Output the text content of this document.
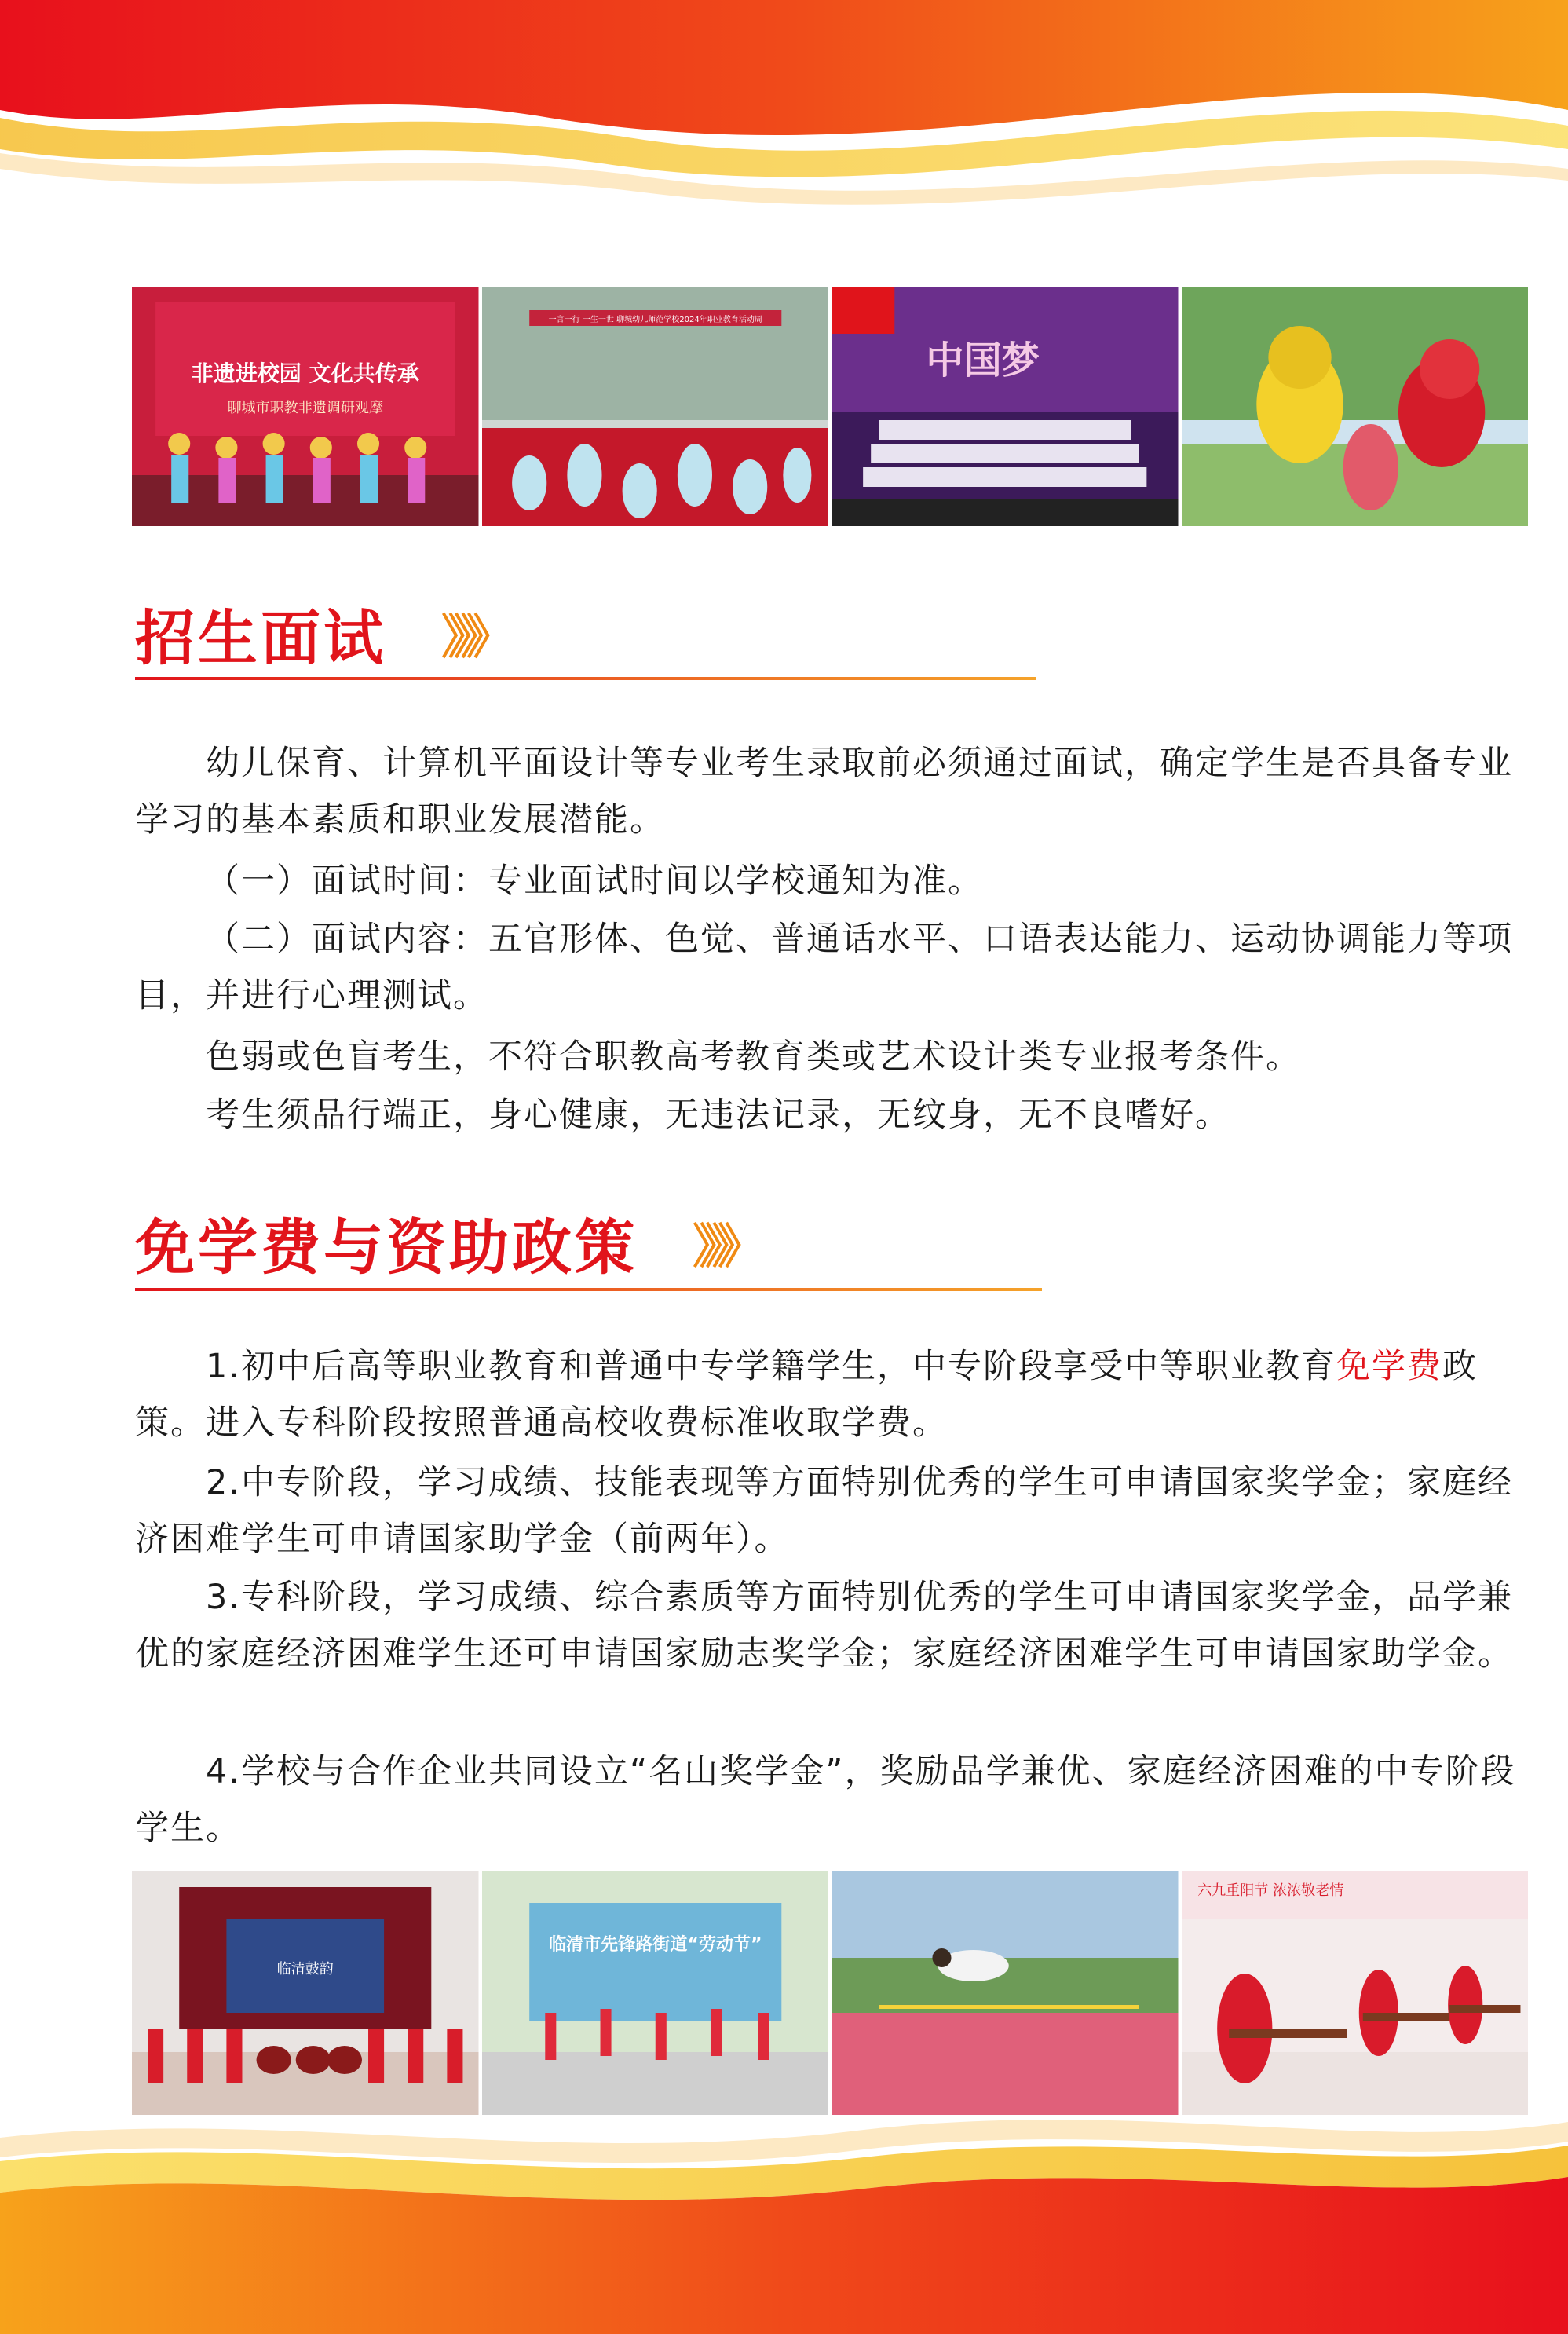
非遗进校园 文化共传承
聊城市职教非遗调研观摩
一言一行 一生一世 聊城幼儿师范学校2024年职业教育活动周
中国梦
招生面试 》》》

幼儿保育、计算机平面设计等专业考生录取前必须通过面试，确定学生是否具备专业学习的基本素质和职业发展潜能。

（一）面试时间：专业面试时间以学校通知为准。

（二）面试内容：五官形体、色觉、普通话水平、口语表达能力、运动协调能力等项目，并进行心理测试。

色弱或色盲考生，不符合职教高考教育类或艺术设计类专业报考条件。

考生须品行端正，身心健康，无违法记录，无纹身，无不良嗜好。

免学费与资助政策 》》》

1.初中后高等职业教育和普通中专学籍学生，中专阶段享受中等职业教育免学费政策。进入专科阶段按照普通高校收费标准收取学费。

2.中专阶段，学习成绩、技能表现等方面特别优秀的学生可申请国家奖学金；家庭经济困难学生可申请国家助学金（前两年）。

3.专科阶段，学习成绩、综合素质等方面特别优秀的学生可申请国家奖学金，品学兼优的家庭经济困难学生还可申请国家励志奖学金；家庭经济困难学生可申请国家助学金。

4.学校与合作企业共同设立“名山奖学金”，奖励品学兼优、家庭经济困难的中专阶段学生。

临清鼓韵
临清市先锋路街道“劳动节”
六九重阳节 浓浓敬老情
